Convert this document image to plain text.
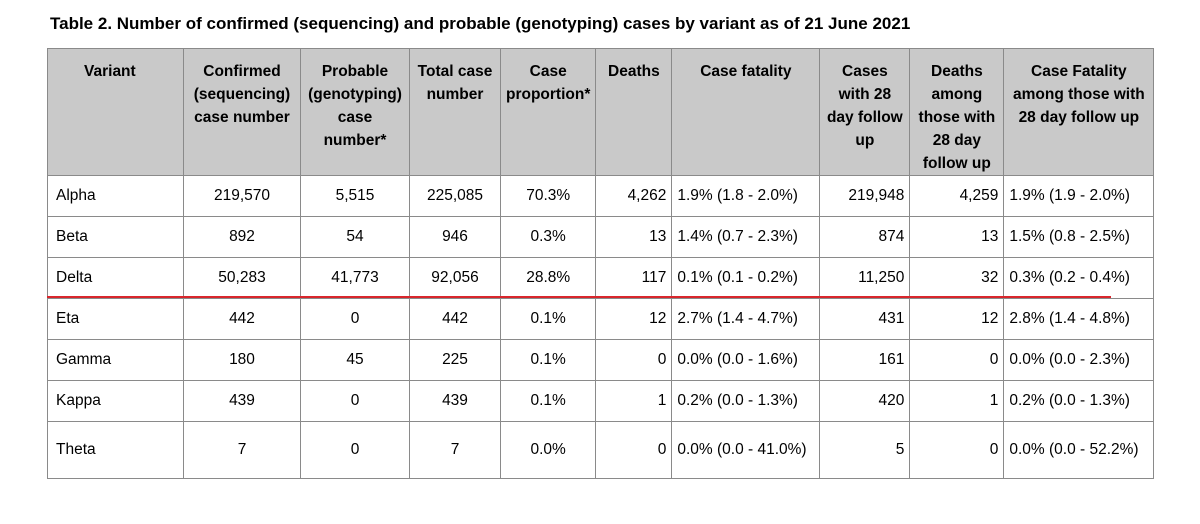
Table 2. Number of confirmed (sequencing) and probable (genotyping) cases by variant as of 21 June 2021
Variant	Confirmed (sequencing) case number	Probable (genotyping) case number*	Total case number	Case proportion*	Deaths	Case fatality	Cases with 28 day follow up	Deaths among those with 28 day follow up	Case Fatality among those with 28 day follow up
Alpha	219,570	5,515	225,085	70.3%	4,262	1.9% (1.8 - 2.0%)	219,948	4,259	1.9% (1.9 - 2.0%)
Beta	892	54	946	0.3%	13	1.4% (0.7 - 2.3%)	874	13	1.5% (0.8 - 2.5%)
Delta	50,283	41,773	92,056	28.8%	117	0.1% (0.1 - 0.2%)	11,250	32	0.3% (0.2 - 0.4%)
Eta	442	0	442	0.1%	12	2.7% (1.4 - 4.7%)	431	12	2.8% (1.4 - 4.8%)
Gamma	180	45	225	0.1%	0	0.0% (0.0 - 1.6%)	161	0	0.0% (0.0 - 2.3%)
Kappa	439	0	439	0.1%	1	0.2% (0.0 - 1.3%)	420	1	0.2% (0.0 - 1.3%)
Theta	7	0	7	0.0%	0	0.0% (0.0 - 41.0%)	5	0	0.0% (0.0 - 52.2%)
